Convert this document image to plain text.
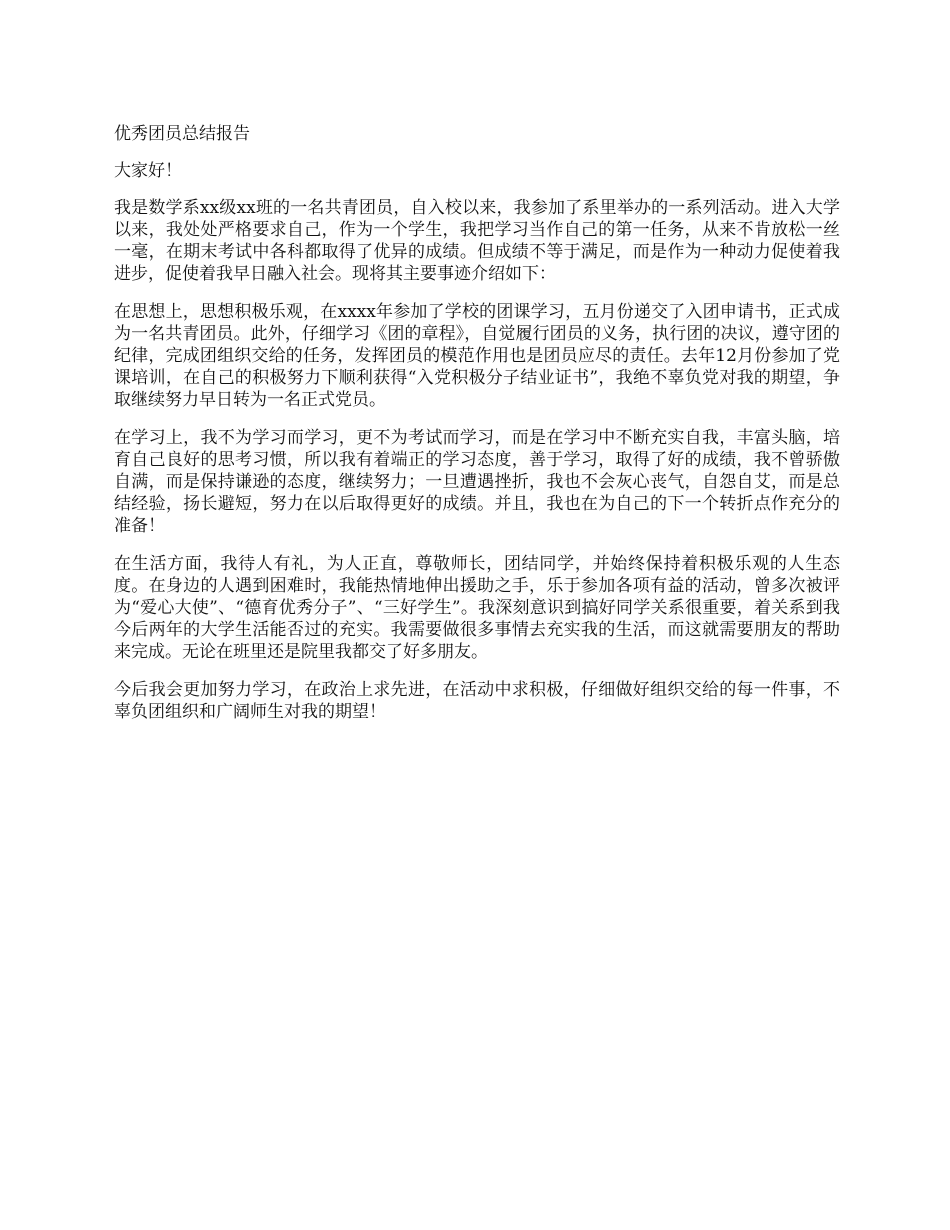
优秀团员总结报告

大家好！

我是数学系xx级xx班的一名共青团员，自入校以来，我参加了系里举办的一系列活动。进入大学以来，我处处严格要求自己，作为一个学生，我把学习当作自己的第一任务，从来不肯放松一丝一毫，在期末考试中各科都取得了优异的成绩。但成绩不等于满足，而是作为一种动力促使着我进步，促使着我早日融入社会。现将其主要事迹介绍如下：

在思想上，思想积极乐观，在xxxx年参加了学校的团课学习，五月份递交了入团申请书，正式成为一名共青团员。此外，仔细学习《团的章程》，自觉履行团员的义务，执行团的决议，遵守团的纪律，完成团组织交给的任务，发挥团员的模范作用也是团员应尽的责任。去年12月份参加了党课培训，在自己的积极努力下顺利获得“入党积极分子结业证书”，我绝不辜负党对我的期望，争取继续努力早日转为一名正式党员。

在学习上，我不为学习而学习，更不为考试而学习，而是在学习中不断充实自我，丰富头脑，培育自己良好的思考习惯，所以我有着端正的学习态度，善于学习，取得了好的成绩，我不曾骄傲自满，而是保持谦逊的态度，继续努力；一旦遭遇挫折，我也不会灰心丧气，自怨自艾，而是总结经验，扬长避短，努力在以后取得更好的成绩。并且，我也在为自己的下一个转折点作充分的准备！

在生活方面，我待人有礼，为人正直，尊敬师长，团结同学，并始终保持着积极乐观的人生态度。在身边的人遇到困难时，我能热情地伸出援助之手，乐于参加各项有益的活动，曾多次被评为“爱心大使”、“德育优秀分子”、“三好学生”。我深刻意识到搞好同学关系很重要，着关系到我今后两年的大学生活能否过的充实。我需要做很多事情去充实我的生活，而这就需要朋友的帮助来完成。无论在班里还是院里我都交了好多朋友。

今后我会更加努力学习，在政治上求先进，在活动中求积极，仔细做好组织交给的每一件事，不辜负团组织和广阔师生对我的期望！
